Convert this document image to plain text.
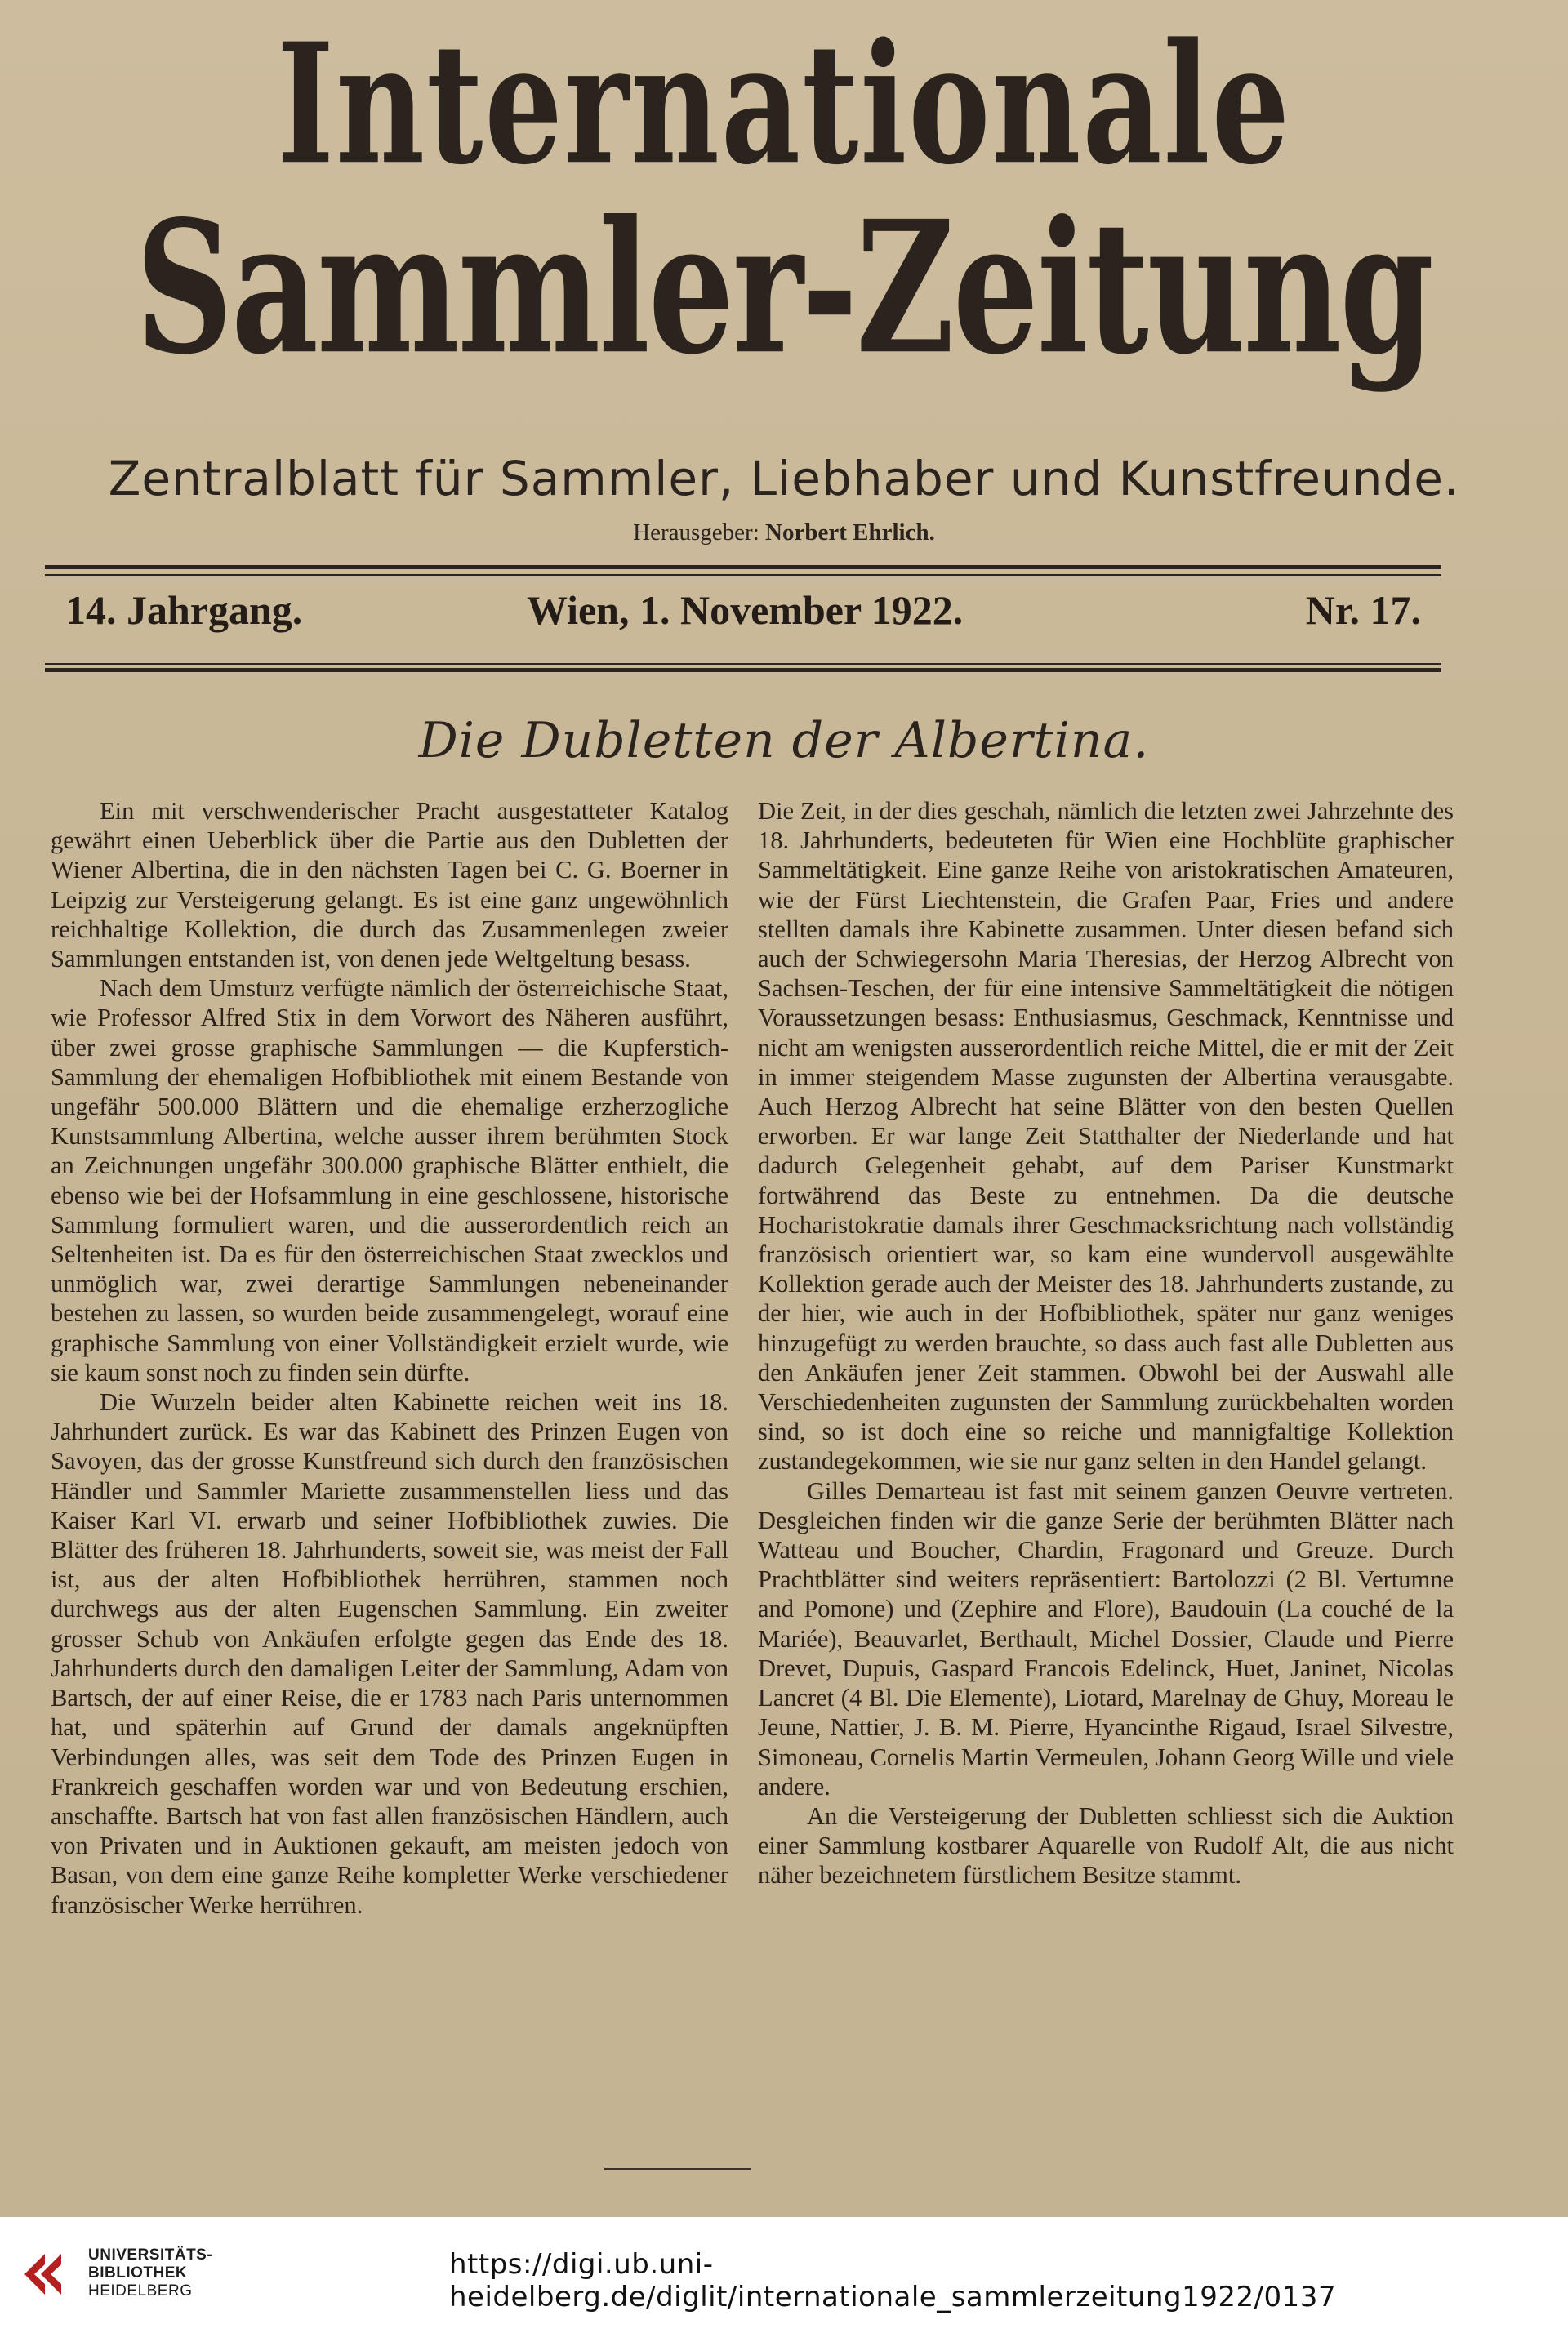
Internationale
Sammler-Zeitung
Zentralblatt für Sammler, Liebhaber und Kunstfreunde.
Herausgeber: Norbert Ehrlich.
14. Jahrgang.	Wien, 1. November 1922.	Nr. 17.
Die Dubletten der Albertina.

Ein mit verschwenderischer Pracht ausgestatteter Katalog gewährt einen Ueberblick über die Partie aus den Dubletten der Wiener Albertina, die in den nächsten Tagen bei C. G. Boerner in Leipzig zur Versteigerung gelangt. Es ist eine ganz ungewöhnlich reichhaltige Kollektion, die durch das Zusammenlegen zweier Sammlungen entstanden ist, von denen jede Weltgeltung besass.

Nach dem Umsturz verfügte nämlich der österreichische Staat, wie Professor Alfred Stix in dem Vorwort des Näheren ausführt, über zwei grosse graphische Sammlungen — die Kupferstich-Sammlung der ehemaligen Hofbibliothek mit einem Bestande von ungefähr 500.000 Blättern und die ehemalige erzherzogliche Kunstsammlung Albertina, welche ausser ihrem berühmten Stock an Zeichnungen ungefähr 300.000 graphische Blätter enthielt, die ebenso wie bei der Hofsammlung in eine geschlossene, historische Sammlung formuliert waren, und die ausserordentlich reich an Seltenheiten ist. Da es für den österreichischen Staat zwecklos und unmöglich war, zwei derartige Sammlungen nebeneinander bestehen zu lassen, so wurden beide zusammengelegt, worauf eine graphische Sammlung von einer Vollständigkeit erzielt wurde, wie sie kaum sonst noch zu finden sein dürfte.

Die Wurzeln beider alten Kabinette reichen weit ins 18. Jahrhundert zurück. Es war das Kabinett des Prinzen Eugen von Savoyen, das der grosse Kunstfreund sich durch den französischen Händler und Sammler Mariette zusammenstellen liess und das Kaiser Karl VI. erwarb und seiner Hofbibliothek zuwies. Die Blätter des früheren 18. Jahrhunderts, soweit sie, was meist der Fall ist, aus der alten Hofbibliothek herrühren, stammen noch durchwegs aus der alten Eugenschen Sammlung. Ein zweiter grosser Schub von Ankäufen erfolgte gegen das Ende des 18. Jahrhunderts durch den damaligen Leiter der Sammlung, Adam von Bartsch, der auf einer Reise, die er 1783 nach Paris unternommen hat, und späterhin auf Grund der damals angeknüpften Verbindungen alles, was seit dem Tode des Prinzen Eugen in Frankreich geschaffen worden war und von Bedeutung erschien, anschaffte. Bartsch hat von fast allen französischen Händlern, auch von Privaten und in Auktionen gekauft, am meisten jedoch von Basan, von dem eine ganze Reihe kompletter Werke verschiedener französischer Werke herrühren.

Die Zeit, in der dies geschah, nämlich die letzten zwei Jahrzehnte des 18. Jahrhunderts, bedeuteten für Wien eine Hochblüte graphischer Sammeltätigkeit. Eine ganze Reihe von aristokratischen Amateuren, wie der Fürst Liechtenstein, die Grafen Paar, Fries und andere stellten damals ihre Kabinette zusammen. Unter diesen befand sich auch der Schwiegersohn Maria Theresias, der Herzog Albrecht von Sachsen-Teschen, der für eine intensive Sammeltätigkeit die nötigen Voraussetzungen besass: Enthusiasmus, Geschmack, Kenntnisse und nicht am wenigsten ausserordentlich reiche Mittel, die er mit der Zeit in immer steigendem Masse zugunsten der Albertina verausgabte. Auch Herzog Albrecht hat seine Blätter von den besten Quellen erworben. Er war lange Zeit Statthalter der Niederlande und hat dadurch Gelegenheit gehabt, auf dem Pariser Kunstmarkt fortwährend das Beste zu entnehmen. Da die deutsche Hocharistokratie damals ihrer Geschmacksrichtung nach vollständig französisch orientiert war, so kam eine wundervoll ausgewählte Kollektion gerade auch der Meister des 18. Jahrhunderts zustande, zu der hier, wie auch in der Hofbibliothek, später nur ganz weniges hinzugefügt zu werden brauchte, so dass auch fast alle Dubletten aus den Ankäufen jener Zeit stammen. Obwohl bei der Auswahl alle Verschiedenheiten zugunsten der Sammlung zurückbehalten worden sind, so ist doch eine so reiche und mannigfaltige Kollektion zustandegekommen, wie sie nur ganz selten in den Handel gelangt.

Gilles Demarteau ist fast mit seinem ganzen Oeuvre vertreten. Desgleichen finden wir die ganze Serie der berühmten Blätter nach Watteau und Boucher, Chardin, Fragonard und Greuze. Durch Prachtblätter sind weiters repräsentiert: Bartolozzi (2 Bl. Vertumne and Pomone) und (Zephire and Flore), Baudouin (La couché de la Mariée), Beauvarlet, Berthault, Michel Dossier, Claude und Pierre Drevet, Dupuis, Gaspard Francois Edelinck, Huet, Janinet, Nicolas Lancret (4 Bl. Die Elemente), Liotard, Marelnay de Ghuy, Moreau le Jeune, Nattier, J. B. M. Pierre, Hyancinthe Rigaud, Israel Silvestre, Simoneau, Cornelis Martin Vermeulen, Johann Georg Wille und viele andere.

An die Versteigerung der Dubletten schliesst sich die Auktion einer Sammlung kostbarer Aquarelle von Rudolf Alt, die aus nicht näher bezeichnetem fürstlichem Besitze stammt.

UNIVERSITÄTS-
BIBLIOTHEK
HEIDELBERG
https://digi.ub.uni-heidelberg.de/diglit/internationale_sammlerzeitung1922/0137
